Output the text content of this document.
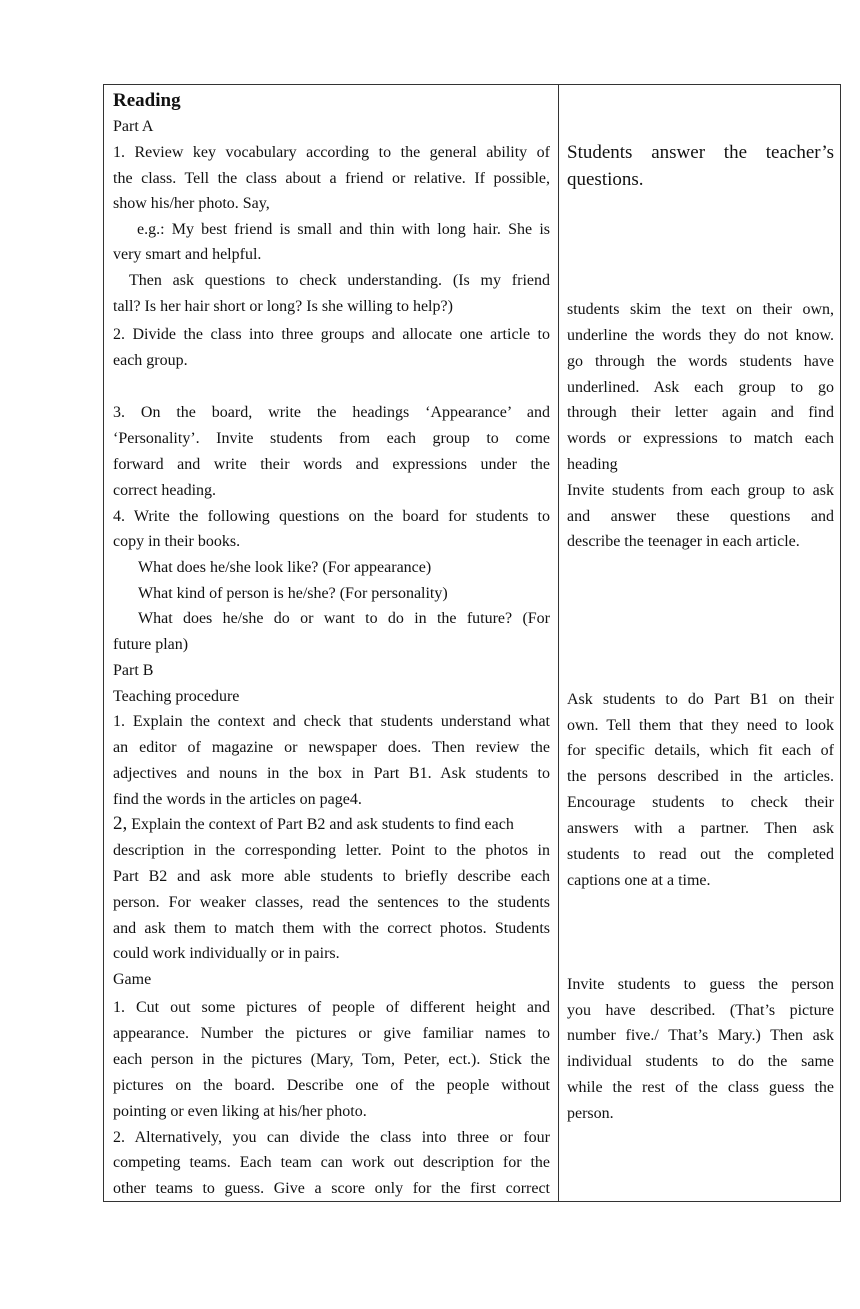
Reading
Part A
1. Review key vocabulary according to the general ability of
the class. Tell the class about a friend or relative. If possible,
show his/her photo. Say,
e.g.: My best friend is small and thin with long hair. She is
very smart and helpful.
Then ask questions to check understanding. (Is my friend
tall? Is her hair short or long? Is she willing to help?)
2. Divide the class into three groups and allocate one article to
each group.
3. On the board, write the headings ‘Appearance’ and
‘Personality’. Invite students from each group to come
forward and write their words and expressions under the
correct heading.
4. Write the following questions on the board for students to
copy in their books.
What does he/she look like? (For appearance)
What kind of person is he/she? (For personality)
What does he/she do or want to do in the future? (For
future plan)
Part B
Teaching procedure
1. Explain the context and check that students understand what
an editor of magazine or newspaper does. Then review the
adjectives and nouns in the box in Part B1. Ask students to
find the words in the articles on page4.
2, Explain the context of Part B2 and ask students to find each
description in the corresponding letter. Point to the photos in
Part B2 and ask more able students to briefly describe each
person. For weaker classes, read the sentences to the students
and ask them to match them with the correct photos. Students
could work individually or in pairs.
Game
1. Cut out some pictures of people of different height and
appearance. Number the pictures or give familiar names to
each person in the pictures (Mary, Tom, Peter, ect.). Stick the
pictures on the board. Describe one of the people without
pointing or even liking at his/her photo.
2. Alternatively, you can divide the class into three or four
competing teams. Each team can work out description for the
other teams to guess. Give a score only for the first correct
Students answer the teacher’s
questions.
students skim the text on their own,
underline the words they do not know.
go through the words students have
underlined. Ask each group to go
through their letter again and find
words or expressions to match each
heading
Invite students from each group to ask
and answer these questions and
describe the teenager in each article.
Ask students to do Part B1 on their
own. Tell them that they need to look
for specific details, which fit each of
the persons described in the articles.
Encourage students to check their
answers with a partner. Then ask
students to read out the completed
captions one at a time.
Invite students to guess the person
you have described. (That’s picture
number five./ That’s Mary.) Then ask
individual students to do the same
while the rest of the class guess the
person.
